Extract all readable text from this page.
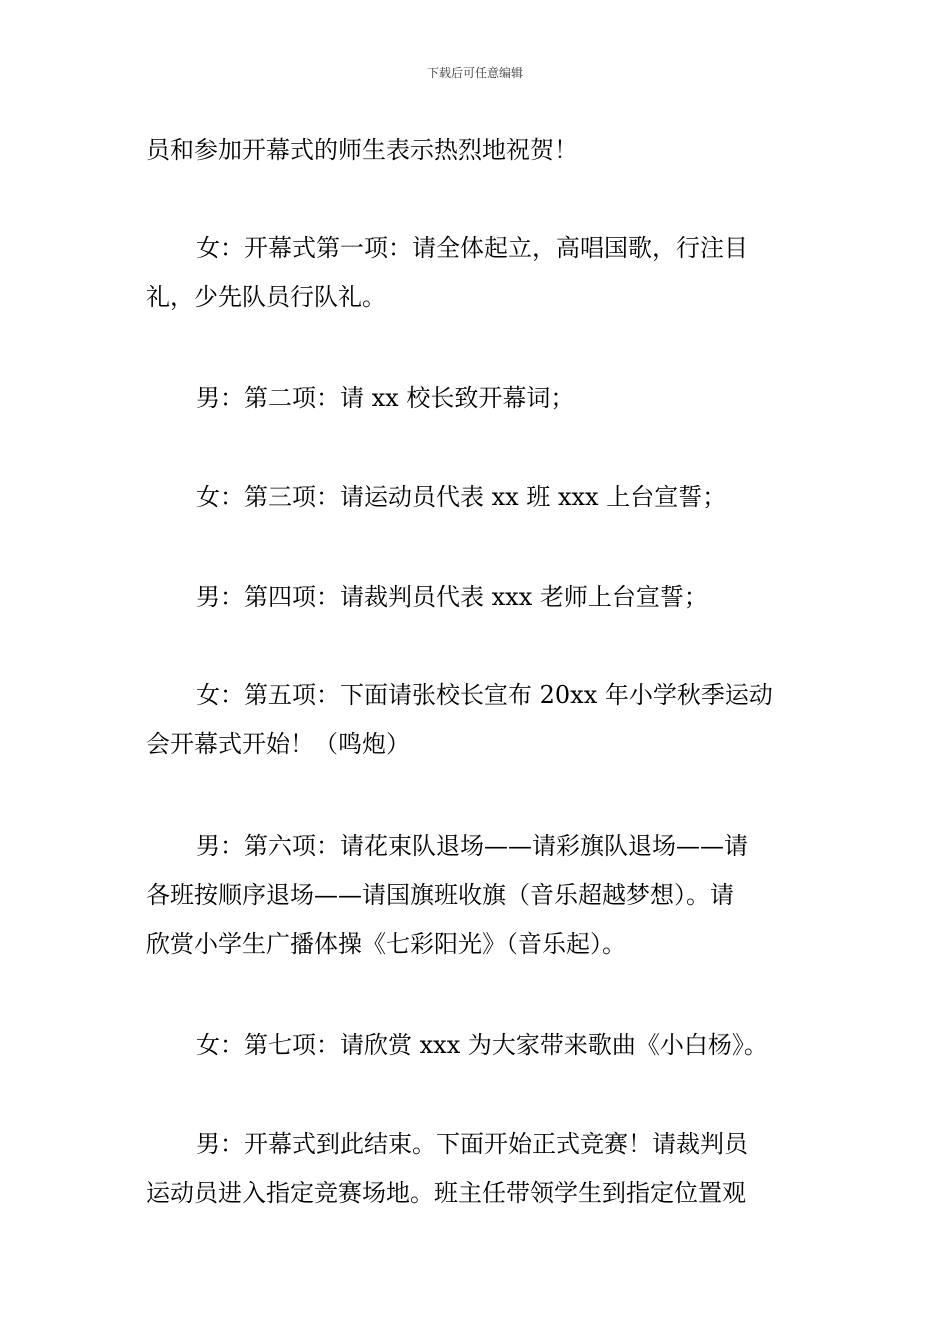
下载后可任意编辑
员和参加开幕式的师生表示热烈地祝贺！
女：开幕式第一项：请全体起立，高唱国歌，行注目
礼，少先队员行队礼。
男：第二项：请 xx 校长致开幕词；
女：第三项：请运动员代表 xx 班 xxx 上台宣誓；
男：第四项：请裁判员代表 xxx 老师上台宣誓；
女：第五项：下面请张校长宣布 20xx 年小学秋季运动
会开幕式开始！（鸣炮）
男：第六项：请花束队退场——请彩旗队退场——请
各班按顺序退场——请国旗班收旗（音乐超越梦想）。请
欣赏小学生广播体操《七彩阳光》（音乐起）。
女：第七项：请欣赏 xxx 为大家带来歌曲《小白杨》。
男：开幕式到此结束。下面开始正式竞赛！请裁判员
运动员进入指定竞赛场地。班主任带领学生到指定位置观
